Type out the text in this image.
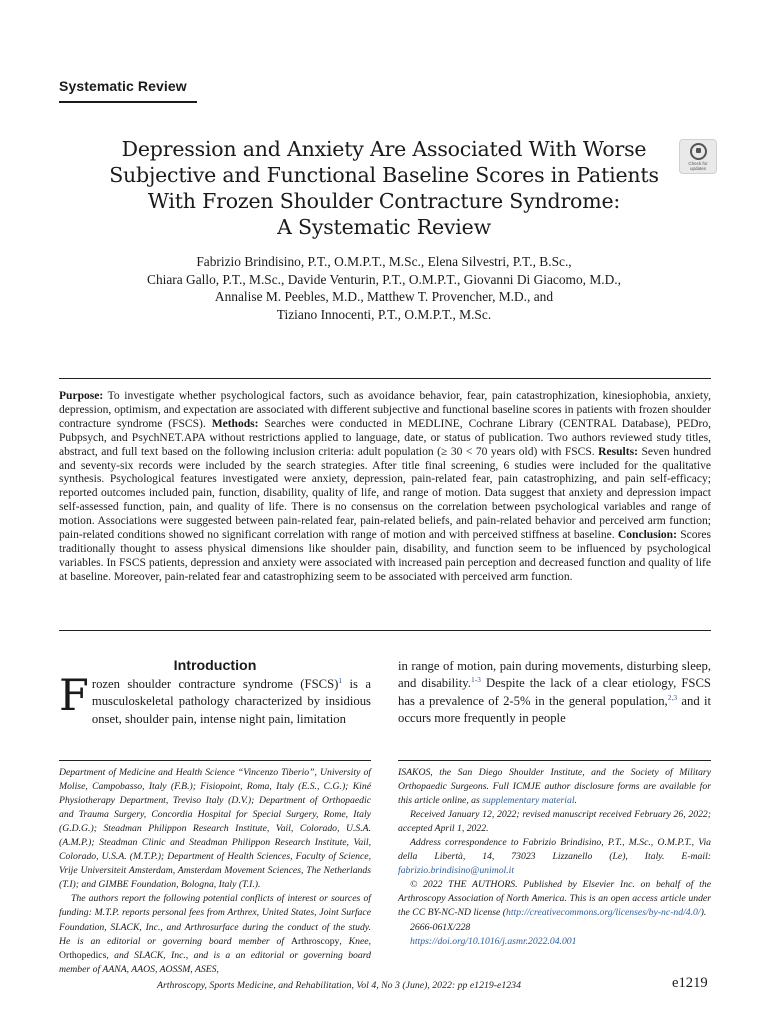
Systematic Review
Depression and Anxiety Are Associated With Worse
Subjective and Functional Baseline Scores in Patients
With Frozen Shoulder Contracture Syndrome:
A Systematic Review
Check for updates
Fabrizio Brindisino, P.T., O.M.P.T., M.Sc., Elena Silvestri, P.T., B.Sc.,
Chiara Gallo, P.T., M.Sc., Davide Venturin, P.T., O.M.P.T., Giovanni Di Giacomo, M.D.,
Annalise M. Peebles, M.D., Matthew T. Provencher, M.D., and
Tiziano Innocenti, P.T., O.M.P.T., M.Sc.
Purpose: To investigate whether psychological factors, such as avoidance behavior, fear, pain catastrophization, kinesiophobia, anxiety, depression, optimism, and expectation are associated with different subjective and functional baseline scores in patients with frozen shoulder contracture syndrome (FSCS). Methods: Searches were conducted in MEDLINE, Cochrane Library (CENTRAL Database), PEDro, Pubpsych, and PsychNET.APA without restrictions applied to language, date, or status of publication. Two authors reviewed study titles, abstract, and full text based on the following inclusion criteria: adult population (≥ 30 < 70 years old) with FSCS. Results: Seven hundred and seventy-six records were included by the search strategies. After title final screening, 6 studies were included for the qualitative synthesis. Psychological features investigated were anxiety, depression, pain-related fear, pain catastrophizing, and pain self-efficacy; reported outcomes included pain, function, disability, quality of life, and range of motion. Data suggest that anxiety and depression impact self-assessed function, pain, and quality of life. There is no consensus on the correlation between psychological variables and range of motion. Associations were suggested between pain-related fear, pain-related beliefs, and pain-related behavior and perceived arm function; pain-related conditions showed no significant correlation with range of motion and with perceived stiffness at baseline. Conclusion: Scores traditionally thought to assess physical dimensions like shoulder pain, disability, and function seem to be influenced by psychological variables. In FSCS patients, depression and anxiety were associated with increased pain perception and decreased function and quality of life at baseline. Moreover, pain-related fear and catastrophizing seem to be associated with perceived arm function.
Introduction
Frozen shoulder contracture syndrome (FSCS)$^1$ is a musculoskeletal pathology characterized by insidious onset, shoulder pain, intense night pain, limitation
in range of motion, pain during movements, disturbing sleep, and disability.$^{1-3}$ Despite the lack of a clear etiology, FSCS has a prevalence of 2-5% in the general population,$^{2,3}$ and it occurs more frequently in people

Department of Medicine and Health Science “Vincenzo Tiberio”, University of Molise, Campobasso, Italy (F.B.); Fisiopoint, Roma, Italy (E.S., C.G.); Kiné Physiotherapy Department, Treviso Italy (D.V.); Department of Orthopaedic and Trauma Surgery, Concordia Hospital for Special Surgery, Rome, Italy (G.D.G.); Steadman Philippon Research Institute, Vail, Colorado, U.S.A. (A.M.P.); Steadman Clinic and Steadman Philippon Research Institute, Vail, Colorado, U.S.A. (M.T.P.); Department of Health Sciences, Faculty of Science, Vrije Universiteit Amsterdam, Amsterdam Movement Sciences, The Netherlands (T.I); and GIMBE Foundation, Bologna, Italy (T.I.).

The authors report the following potential conflicts of interest or sources of funding: M.T.P. reports personal fees from Arthrex, United States, Joint Surface Foundation, SLACK, Inc., and Arthrosurface during the conduct of the study. He is an editorial or governing board member of Arthroscopy, Knee, Orthopedics, and SLACK, Inc., and is a an editorial or governing board member of AANA, AAOS, AOSSM, ASES,

ISAKOS, the San Diego Shoulder Institute, and the Society of Military Orthopaedic Surgeons. Full ICMJE author disclosure forms are available for this article online, as supplementary material.

Received January 12, 2022; revised manuscript received February 26, 2022; accepted April 1, 2022.

Address correspondence to Fabrizio Brindisino, P.T., M.Sc., O.M.P.T., Via della Libertà, 14, 73023 Lizzanello (Le), Italy. E-mail: fabrizio.brindisino@unimol.it

© 2022 THE AUTHORS. Published by Elsevier Inc. on behalf of the Arthroscopy Association of North America. This is an open access article under the CC BY-NC-ND license (http://creativecommons.org/licenses/by-nc-nd/4.0/).

2666-061X/228

https://doi.org/10.1016/j.asmr.2022.04.001

Arthroscopy, Sports Medicine, and Rehabilitation, Vol 4, No 3 (June), 2022: pp e1219-e1234	e1219
